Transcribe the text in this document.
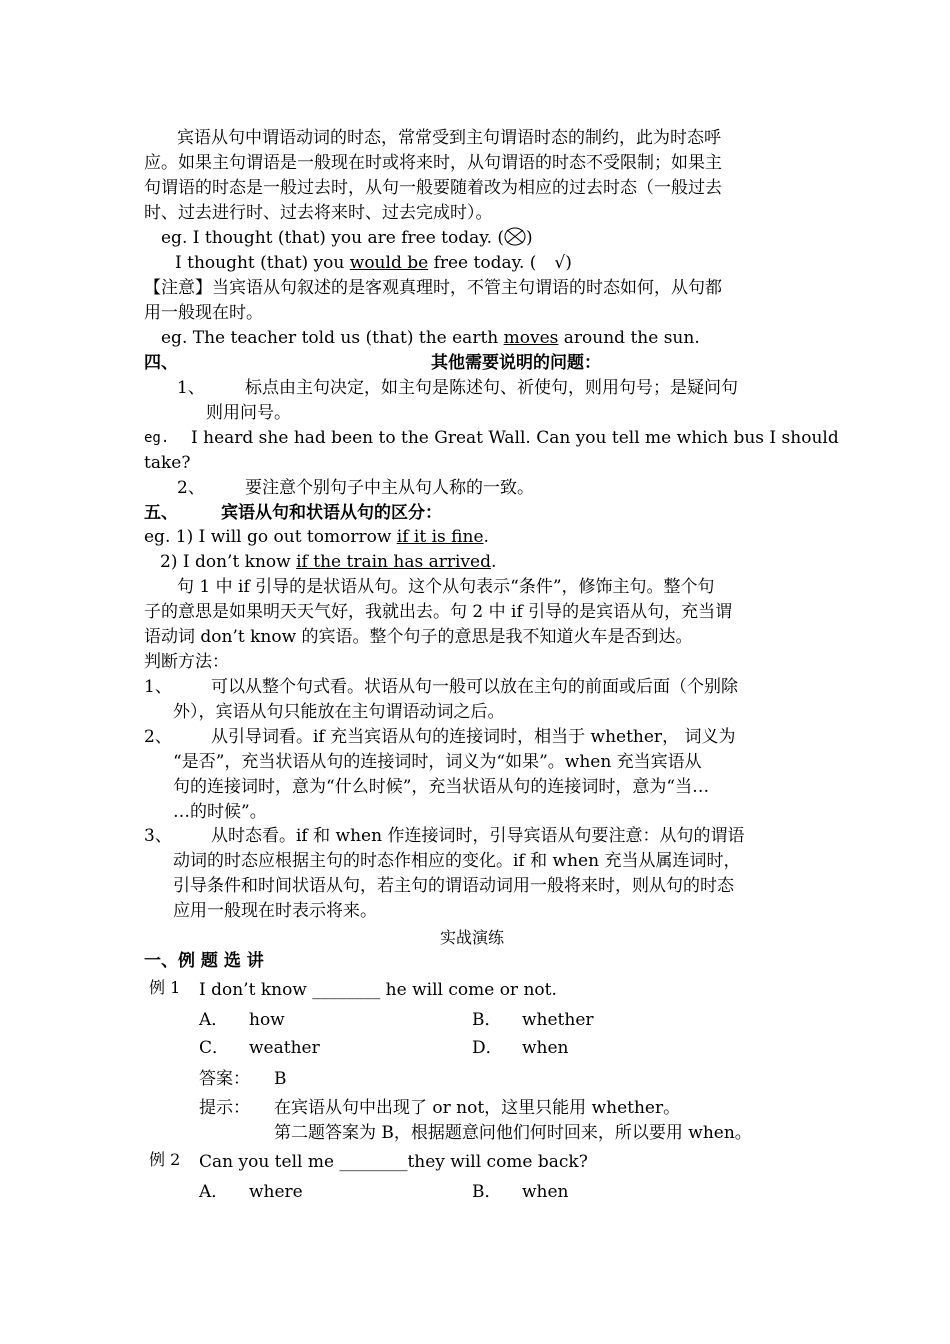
宾语从句中谓语动词的时态，常常受到主句谓语时态的制约，此为时态呼
应。如果主句谓语是一般现在时或将来时，从句谓语的时态不受限制；如果主
句谓语的时态是一般过去时，从句一般要随着改为相应的过去时态（一般过去
时、过去进行时、过去将来时、过去完成时）。
eg. I thought (that) you are free today. ( )
I thought (that) you would be free today. ( √)
【注意】当宾语从句叙述的是客观真理时，不管主句谓语的时态如何，从句都
用一般现在时。
eg. The teacher told us (that) the earth moves around the sun.
四、	其他需要说明的问题：
1、 标点由主句决定，如主句是陈述句、祈使句，则用句号；是疑问句
则用问号。
eg. I heard she had been to the Great Wall. Can you tell me which bus I should
take?
2、 要注意个别句子中主从句人称的一致。
五、	宾语从句和状语从句的区分：
eg. 1) I will go out tomorrow if it is fine.
2) I don’t know if the train has arrived.
句 1 中 if 引导的是状语从句。这个从句表示“条件”，修饰主句。整个句
子的意思是如果明天天气好，我就出去。句 2 中 if 引导的是宾语从句，充当谓
语动词 don’t know 的宾语。整个句子的意思是我不知道火车是否到达。
判断方法：
1、 可以从整个句式看。状语从句一般可以放在主句的前面或后面（个别除
外），宾语从句只能放在主句谓语动词之后。
2、 从引导词看。if 充当宾语从句的连接词时，相当于 whether， 词义为
“是否”，充当状语从句的连接词时，词义为“如果”。when 充当宾语从
句的连接词时，意为“什么时候”，充当状语从句的连接词时，意为“当…
…的时候”。
3、 从时态看。if 和 when 作连接词时，引导宾语从句要注意：从句的谓语
动词的时态应根据主句的时态作相应的变化。if 和 when 充当从属连词时，
引导条件和时间状语从句，若主句的谓语动词用一般将来时，则从句的时态
应用一般现在时表示将来。
实战演练
一、例 题 选 讲
例 1 I don’t know ________ he will come or not.
A． how	B． whether
C． weather	D． when
答案： B
提示： 在宾语从句中出现了 or not，这里只能用 whether。
第二题答案为 B，根据题意问他们何时回来，所以要用 when。
例 2 Can you tell me ________they will come back?
A． where	B． when
